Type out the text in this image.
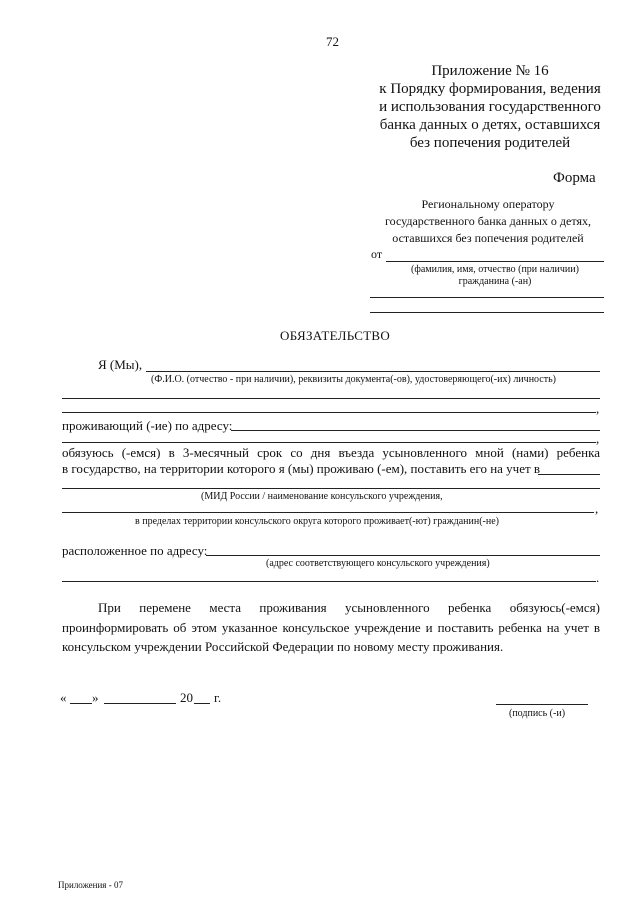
72
Приложение № 16
к Порядку формирования, ведения
и использования государственного
банка данных о детях, оставшихся
без попечения родителей
Форма
Региональному оператору
государственного банка данных о детях,
оставшихся без попечения родителей
от
(фамилия, имя, отчество (при наличии)
гражданина (-ан)
ОБЯЗАТЕЛЬСТВО
Я (Мы),
(Ф.И.О. (отчество - при наличии), реквизиты документа(-ов), удостоверяющего(-их) личность)
,
проживающий (-ие) по адресу:
,
обязуюсь (-емся) в 3-месячный срок со дня въезда усыновленного мной (нами) ребенка
в государство, на территории которого я (мы) проживаю (-ем), поставить его на учет в
(МИД России / наименование консульского учреждения,
,
в пределах территории консульского округа которого проживает(-ют) гражданин(-не)
расположенное по адресу:
(адрес соответствующего консульского учреждения)
.
При перемене места проживания усыновленного ребенка обязуюсь(-емся)
проинформировать об этом указанное консульское учреждение и поставить ребенка на учет в
консульском учреждении Российской Федерации по новому месту проживания.
« »	20 г.
(подпись (-и)
Приложения - 07
